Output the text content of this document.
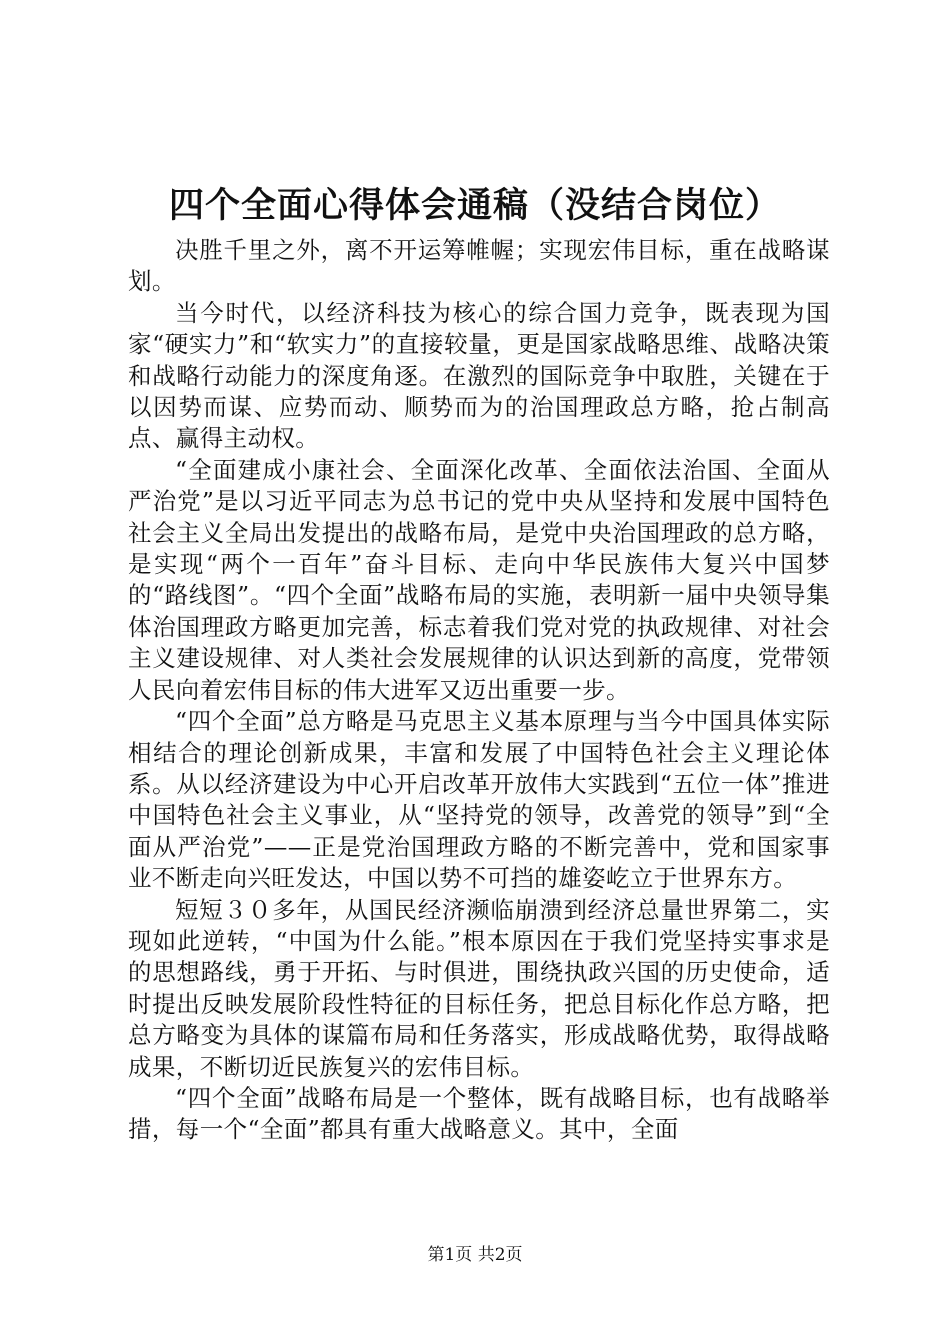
四个全面心得体会通稿（没结合岗位）

决胜千里之外，离不开运筹帷幄；实现宏伟目标，重在战略谋划。

当今时代，以经济科技为核心的综合国力竞争，既表现为国家“硬实力”和“软实力”的直接较量，更是国家战略思维、战略决策和战略行动能力的深度角逐。在激烈的国际竞争中取胜，关键在于以因势而谋、应势而动、顺势而为的治国理政总方略，抢占制高点、赢得主动权。

“全面建成小康社会、全面深化改革、全面依法治国、全面从严治党”是以习近平同志为总书记的党中央从坚持和发展中国特色社会主义全局出发提出的战略布局，是党中央治国理政的总方略，是实现“两个一百年”奋斗目标、走向中华民族伟大复兴中国梦的“路线图”。“四个全面”战略布局的实施，表明新一届中央领导集体治国理政方略更加完善，标志着我们党对党的执政规律、对社会主义建设规律、对人类社会发展规律的认识达到新的高度，党带领人民向着宏伟目标的伟大进军又迈出重要一步。

“四个全面”总方略是马克思主义基本原理与当今中国具体实际相结合的理论创新成果，丰富和发展了中国特色社会主义理论体系。从以经济建设为中心开启改革开放伟大实践到“五位一体”推进中国特色社会主义事业，从“坚持党的领导，改善党的领导”到“全面从严治党”——正是党治国理政方略的不断完善中，党和国家事业不断走向兴旺发达，中国以势不可挡的雄姿屹立于世界东方。

短短３０多年，从国民经济濒临崩溃到经济总量世界第二，实现如此逆转，“中国为什么能。”根本原因在于我们党坚持实事求是的思想路线，勇于开拓、与时俱进，围绕执政兴国的历史使命，适时提出反映发展阶段性特征的目标任务，把总目标化作总方略，把总方略变为具体的谋篇布局和任务落实，形成战略优势，取得战略成果，不断切近民族复兴的宏伟目标。

“四个全面”战略布局是一个整体，既有战略目标，也有战略举措，每一个“全面”都具有重大战略意义。其中，全面

第1页 共2页
